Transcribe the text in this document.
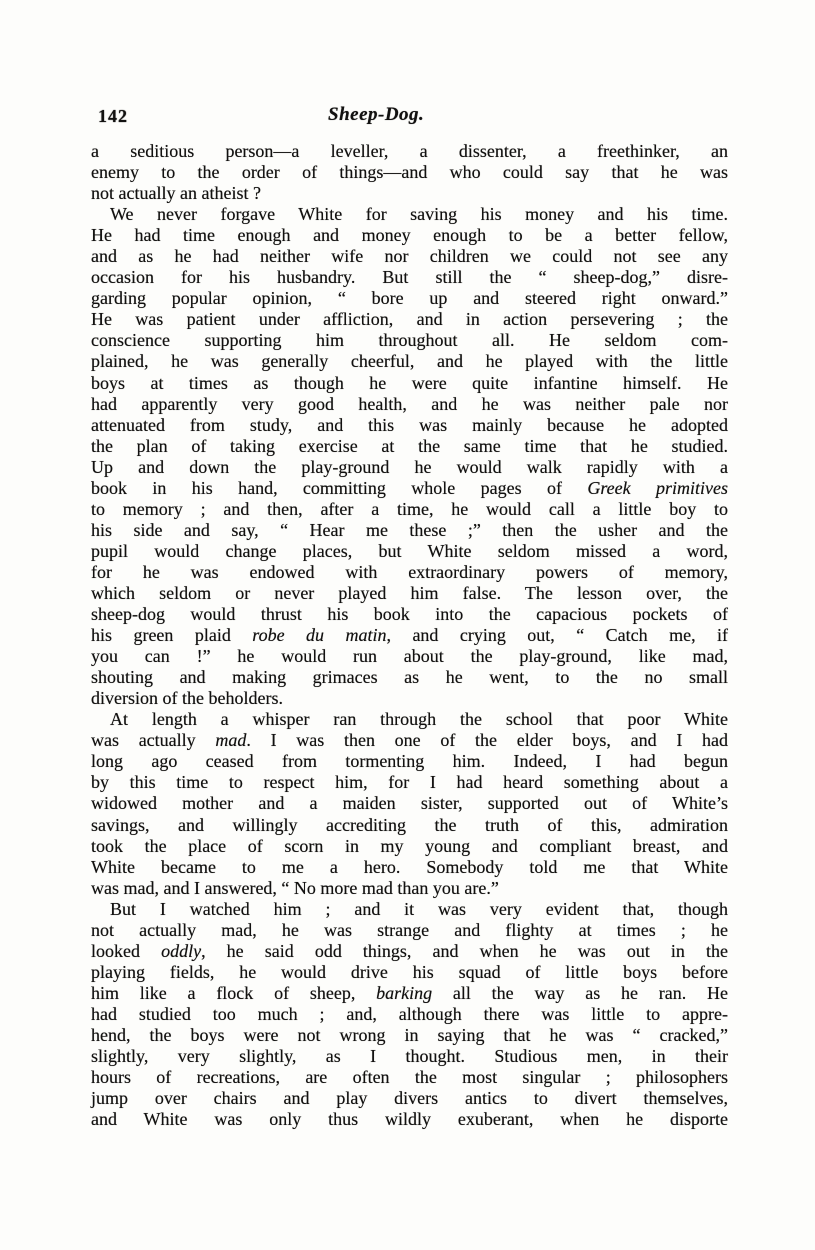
142	Sheep-Dog.
a seditious person—a leveller, a dissenter, a freethinker, an
enemy to the order of things—and who could say that he was
not actually an atheist ?
We never forgave White for saving his money and his time.
He had time enough and money enough to be a better fellow,
and as he had neither wife nor children we could not see any
occasion for his husbandry. But still the “ sheep-dog,” disre-
garding popular opinion, “ bore up and steered right onward.”
He was patient under affliction, and in action persevering ; the
conscience supporting him throughout all. He seldom com-
plained, he was generally cheerful, and he played with the little
boys at times as though he were quite infantine himself. He
had apparently very good health, and he was neither pale nor
attenuated from study, and this was mainly because he adopted
the plan of taking exercise at the same time that he studied.
Up and down the play-ground he would walk rapidly with a
book in his hand, committing whole pages of Greek primitives
to memory ; and then, after a time, he would call a little boy to
his side and say, “ Hear me these ;” then the usher and the
pupil would change places, but White seldom missed a word,
for he was endowed with extraordinary powers of memory,
which seldom or never played him false. The lesson over, the
sheep-dog would thrust his book into the capacious pockets of
his green plaid robe du matin, and crying out, “ Catch me, if
you can !” he would run about the play-ground, like mad,
shouting and making grimaces as he went, to the no small
diversion of the beholders.
At length a whisper ran through the school that poor White
was actually mad. I was then one of the elder boys, and I had
long ago ceased from tormenting him. Indeed, I had begun
by this time to respect him, for I had heard something about a
widowed mother and a maiden sister, supported out of White’s
savings, and willingly accrediting the truth of this, admiration
took the place of scorn in my young and compliant breast, and
White became to me a hero. Somebody told me that White
was mad, and I answered, “ No more mad than you are.”
But I watched him ; and it was very evident that, though
not actually mad, he was strange and flighty at times ; he
looked oddly, he said odd things, and when he was out in the
playing fields, he would drive his squad of little boys before
him like a flock of sheep, barking all the way as he ran. He
had studied too much ; and, although there was little to appre-
hend, the boys were not wrong in saying that he was “ cracked,”
slightly, very slightly, as I thought. Studious men, in their
hours of recreations, are often the most singular ; philosophers
jump over chairs and play divers antics to divert themselves,
and White was only thus wildly exuberant, when he disporte
